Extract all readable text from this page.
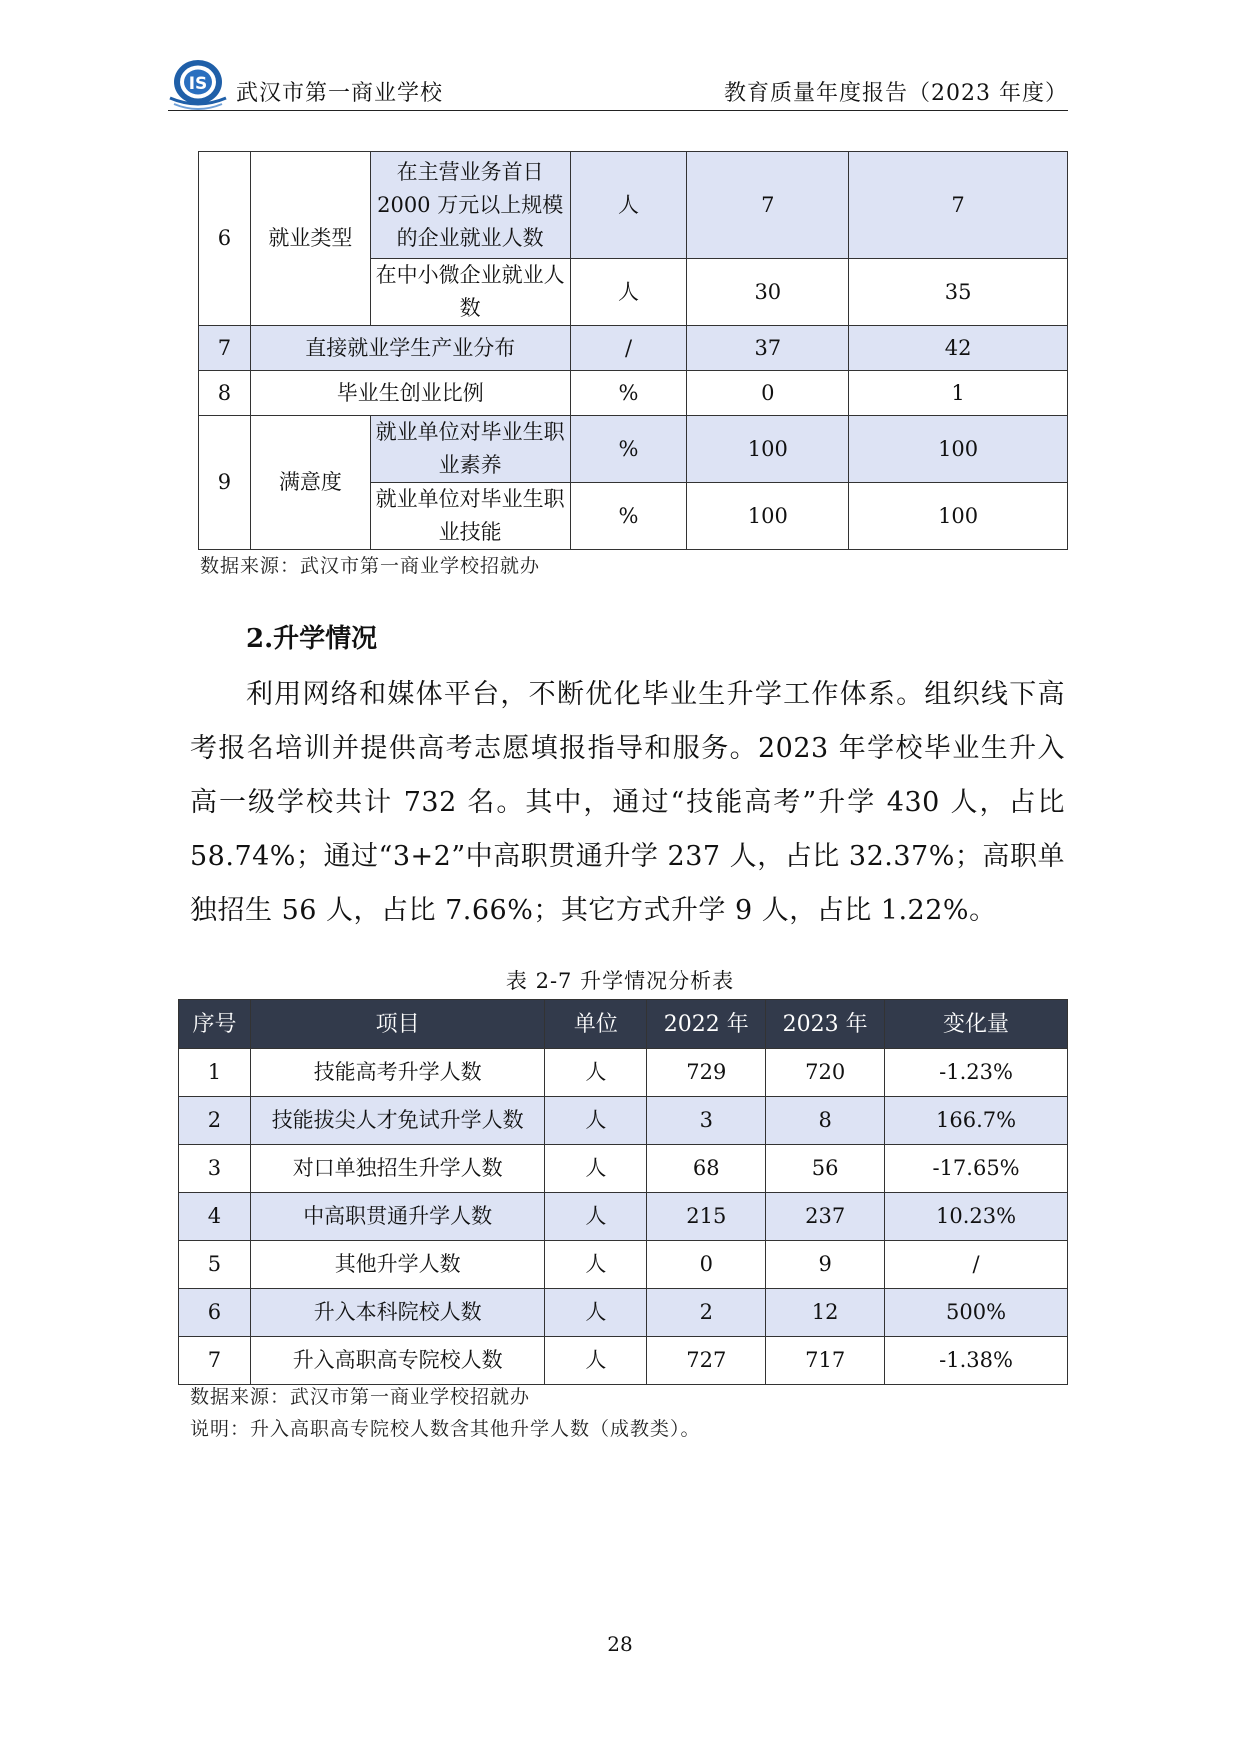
IS 武汉市第一商业学校	教育质量年度报告（2023 年度）
6	就业类型	在主营业务首日 2000 万元以上规模的企业就业人数	人	7	7
		在中小微企业就业人数	人	30	35
7	直接就业学生产业分布		/	37	42
8	毕业生创业比例		%	0	1
9	满意度	就业单位对毕业生职业素养	%	100	100
		就业单位对毕业生职业技能	%	100	100
数据来源：武汉市第一商业学校招就办
2.升学情况
利用网络和媒体平台，不断优化毕业生升学工作体系。组织线下高考报名培训并提供高考志愿填报指导和服务。2023 年学校毕业生升入高一级学校共计 732 名。其中，通过“技能高考”升学 430 人，占比 58.74%；通过“3+2”中高职贯通升学 237 人，占比 32.37%；高职单独招生 56 人，占比 7.66%；其它方式升学 9 人，占比 1.22%。
表 2-7 升学情况分析表
序号	项目	单位	2022 年	2023 年	变化量
1	技能高考升学人数	人	729	720	-1.23%
2	技能拔尖人才免试升学人数	人	3	8	166.7%
3	对口单独招生升学人数	人	68	56	-17.65%
4	中高职贯通升学人数	人	215	237	10.23%
5	其他升学人数	人	0	9	/
6	升入本科院校人数	人	2	12	500%
7	升入高职高专院校人数	人	727	717	-1.38%
数据来源：武汉市第一商业学校招就办
说明：升入高职高专院校人数含其他升学人数（成教类）。
28
